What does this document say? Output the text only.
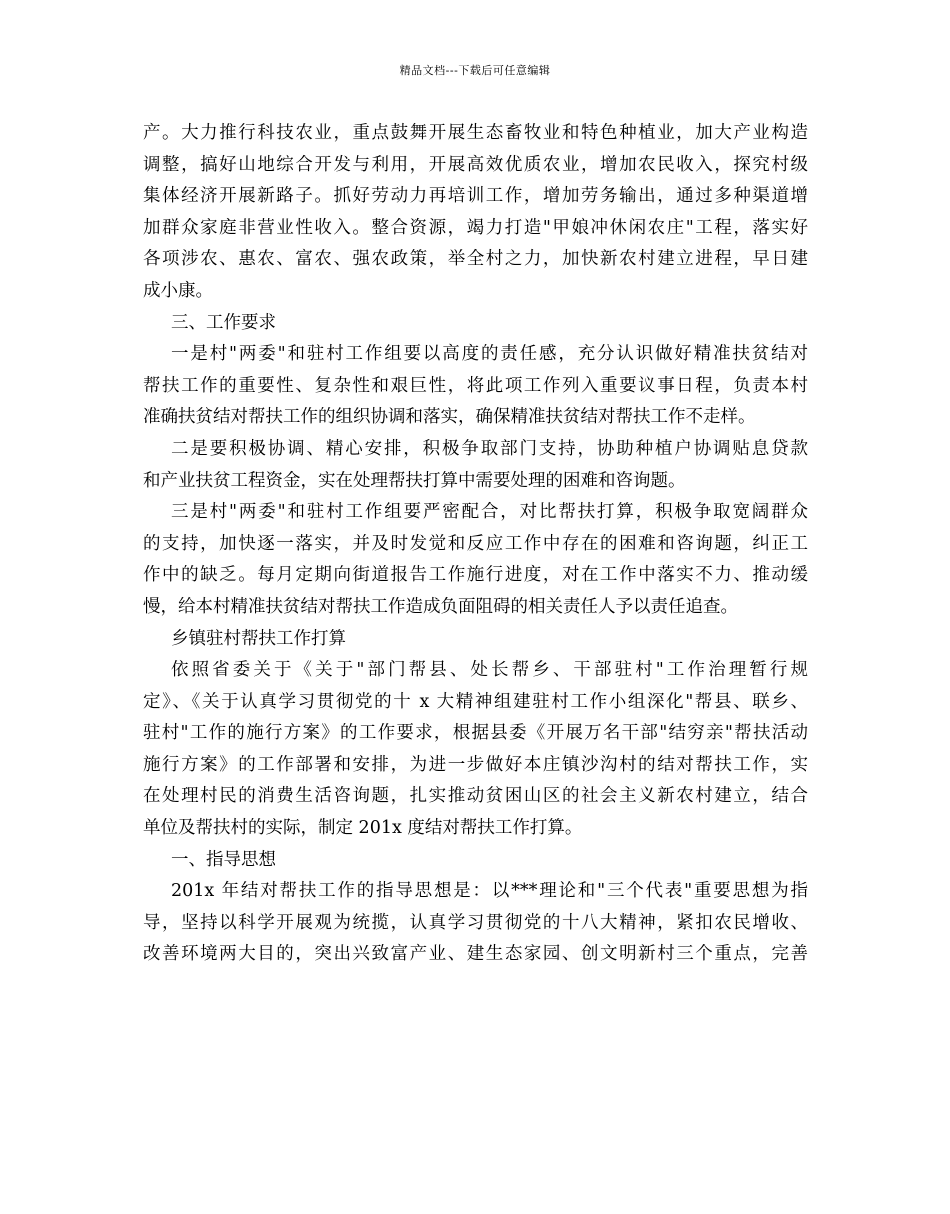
精品文档---下载后可任意编辑
产。大力推行科技农业，重点鼓舞开展生态畜牧业和特色种植业，加大产业构造
调整，搞好山地综合开发与利用，开展高效优质农业，增加农民收入，探究村级
集体经济开展新路子。抓好劳动力再培训工作，增加劳务输出，通过多种渠道增
加群众家庭非营业性收入。整合资源，竭力打造"甲娘冲休闲农庄"工程，落实好
各项涉农、惠农、富农、强农政策，举全村之力，加快新农村建立进程，早日建
成小康。
三、工作要求
一是村"两委"和驻村工作组要以高度的责任感，充分认识做好精准扶贫结对
帮扶工作的重要性、复杂性和艰巨性，将此项工作列入重要议事日程，负责本村
准确扶贫结对帮扶工作的组织协调和落实，确保精准扶贫结对帮扶工作不走样。
二是要积极协调、精心安排，积极争取部门支持，协助种植户协调贴息贷款
和产业扶贫工程资金，实在处理帮扶打算中需要处理的困难和咨询题。
三是村"两委"和驻村工作组要严密配合，对比帮扶打算，积极争取宽阔群众
的支持，加快逐一落实，并及时发觉和反应工作中存在的困难和咨询题，纠正工
作中的缺乏。每月定期向街道报告工作施行进度，对在工作中落实不力、推动缓
慢，给本村精准扶贫结对帮扶工作造成负面阻碍的相关责任人予以责任追查。
乡镇驻村帮扶工作打算
依照省委关于《关于"部门帮县、处长帮乡、干部驻村"工作治理暂行规
定》、《关于认真学习贯彻党的十 x 大精神组建驻村工作小组深化"帮县、联乡、
驻村"工作的施行方案》的工作要求，根据县委《开展万名干部"结穷亲"帮扶活动
施行方案》的工作部署和安排，为进一步做好本庄镇沙沟村的结对帮扶工作，实
在处理村民的消费生活咨询题，扎实推动贫困山区的社会主义新农村建立，结合
单位及帮扶村的实际，制定 201x 度结对帮扶工作打算。
一、指导思想
201x 年结对帮扶工作的指导思想是：以***理论和"三个代表"重要思想为指
导，坚持以科学开展观为统揽，认真学习贯彻党的十八大精神，紧扣农民增收、
改善环境两大目的，突出兴致富产业、建生态家园、创文明新村三个重点，完善
